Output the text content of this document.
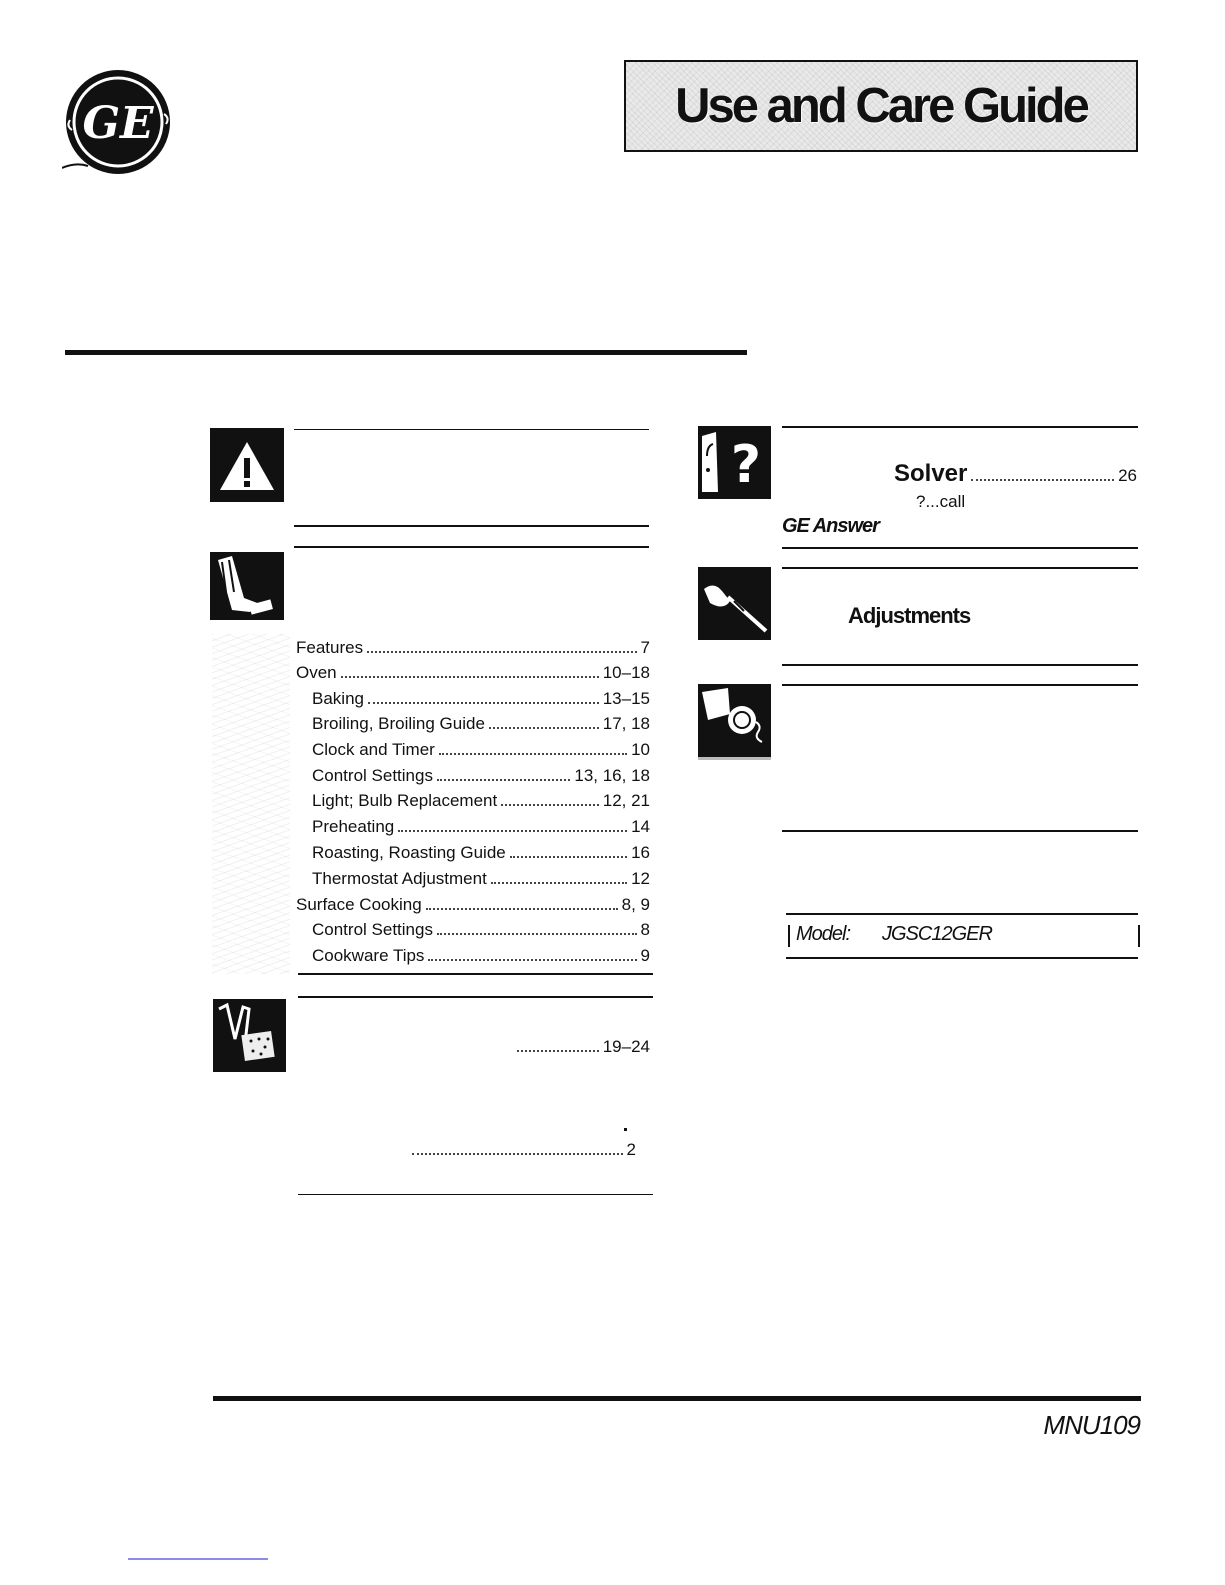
GE	Use and Care Guide
Features	7
Oven	10–18
Baking	13–15
Broiling, Broiling Guide	17, 18
Clock and Timer	10
Control Settings	13, 16, 18
Light; Bulb Replacement	12, 21
Preheating	14
Roasting, Roasting Guide	16
Thermostat Adjustment	12
Surface Cooking	8, 9
Control Settings	8
Cookware Tips	9
19–24
2
?	Solver	26
?...call
GE Answer
Adjustments
Model: JGSC12GER
MNU109
